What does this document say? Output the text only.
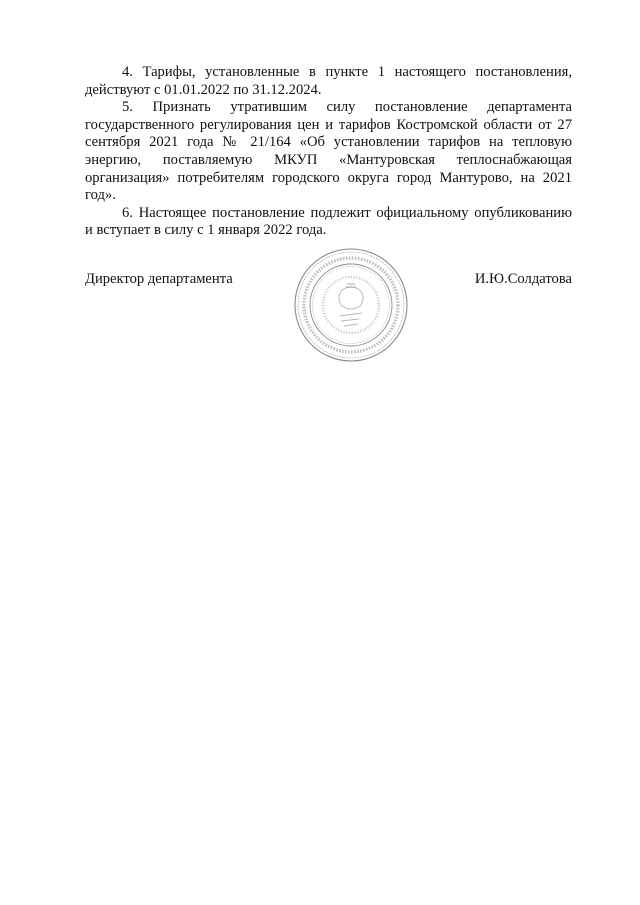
4. Тарифы, установленные в пункте 1 настоящего постановления, действуют с 01.01.2022 по 31.12.2024.

5. Признать утратившим силу постановление департамента государственного регулирования цен и тарифов Костромской области от 27 сентября 2021 года № 21/164 «Об установлении тарифов на тепловую энергию, поставляемую МКУП «Мантуровская теплоснабжающая организация» потребителям городского округа город Мантурово, на 2021 год».

6. Настоящее постановление подлежит официальному опубликованию и вступает в силу с 1 января 2022 года.

Директор департамента	И.Ю.Солдатова
